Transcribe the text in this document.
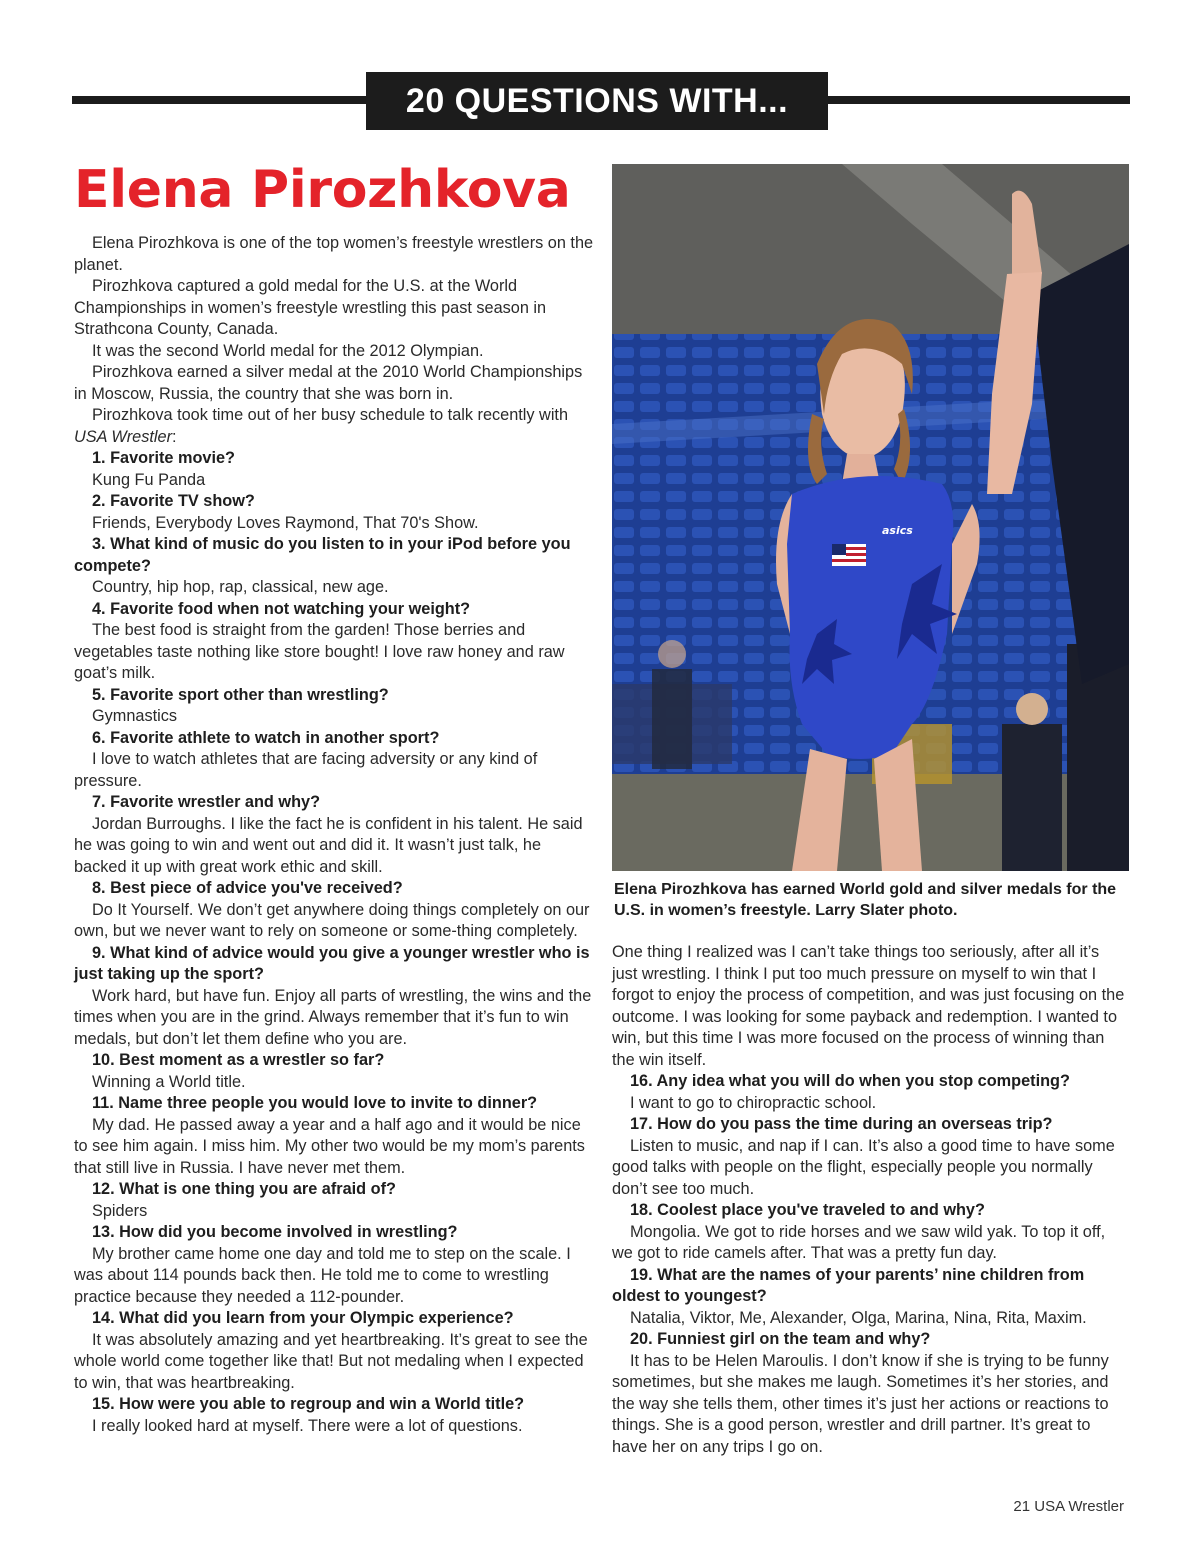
20 QUESTIONS WITH...
Elena Pirozhkova

Elena Pirozhkova is one of the top women’s freestyle wrestlers on the planet.

Pirozhkova captured a gold medal for the U.S. at the World Championships in women’s freestyle wrestling this past season in Strathcona County, Canada.

It was the second World medal for the 2012 Olympian.

Pirozhkova earned a silver medal at the 2010 World Championships in Moscow, Russia, the country that she was born in.

Pirozhkova took time out of her busy schedule to talk recently with USA Wrestler:

1. Favorite movie?

Kung Fu Panda

2. Favorite TV show?

Friends, Everybody Loves Raymond, That 70's Show.

3. What kind of music do you listen to in your iPod before you compete?

Country, hip hop, rap, classical, new age.

4. Favorite food when not watching your weight?

The best food is straight from the garden! Those berries and vegetables taste nothing like store bought! I love raw honey and raw goat’s milk.

5. Favorite sport other than wrestling?

Gymnastics

6. Favorite athlete to watch in another sport?

I love to watch athletes that are facing adversity or any kind of pressure.

7. Favorite wrestler and why?

Jordan Burroughs. I like the fact he is confident in his talent. He said he was going to win and went out and did it. It wasn’t just talk, he backed it up with great work ethic and skill.

8. Best piece of advice you've received?

Do It Yourself. We don’t get anywhere doing things completely on our own, but we never want to rely on someone or some-thing completely.

9. What kind of advice would you give a younger wrestler who is just taking up the sport?

Work hard, but have fun. Enjoy all parts of wrestling, the wins and the times when you are in the grind. Always remember that it’s fun to win medals, but don’t let them define who you are.

10. Best moment as a wrestler so far?

Winning a World title.

11. Name three people you would love to invite to dinner?

My dad. He passed away a year and a half ago and it would be nice to see him again. I miss him. My other two would be my mom’s parents that still live in Russia. I have never met them.

12. What is one thing you are afraid of?

Spiders

13. How did you become involved in wrestling?

My brother came home one day and told me to step on the scale. I was about 114 pounds back then. He told me to come to wrestling practice because they needed a 112-pounder.

14. What did you learn from your Olympic experience?

It was absolutely amazing and yet heartbreaking. It’s great to see the whole world come together like that! But not medaling when I expected to win, that was heartbreaking.

15. How were you able to regroup and win a World title?

I really looked hard at myself. There were a lot of questions.

asics

Elena Pirozhkova has earned World gold and silver medals for the U.S. in women’s freestyle. Larry Slater photo.

One thing I realized was I can’t take things too seriously, after all it’s just wrestling. I think I put too much pressure on myself to win that I forgot to enjoy the process of competition, and was just focusing on the outcome. I was looking for some payback and redemption. I wanted to win, but this time I was more focused on the process of winning than the win itself.

16. Any idea what you will do when you stop competing?

I want to go to chiropractic school.

17. How do you pass the time during an overseas trip?

Listen to music, and nap if I can. It’s also a good time to have some good talks with people on the flight, especially people you normally don’t see too much.

18. Coolest place you've traveled to and why?

Mongolia. We got to ride horses and we saw wild yak. To top it off, we got to ride camels after. That was a pretty fun day.

19. What are the names of your parents’ nine children from oldest to youngest?

Natalia, Viktor, Me, Alexander, Olga, Marina, Nina, Rita, Maxim.

20. Funniest girl on the team and why?

It has to be Helen Maroulis. I don’t know if she is trying to be funny sometimes, but she makes me laugh. Sometimes it’s her stories, and the way she tells them, other times it’s just her actions or reactions to things. She is a good person, wrestler and drill partner. It’s great to have her on any trips I go on.

21 USA Wrestler
